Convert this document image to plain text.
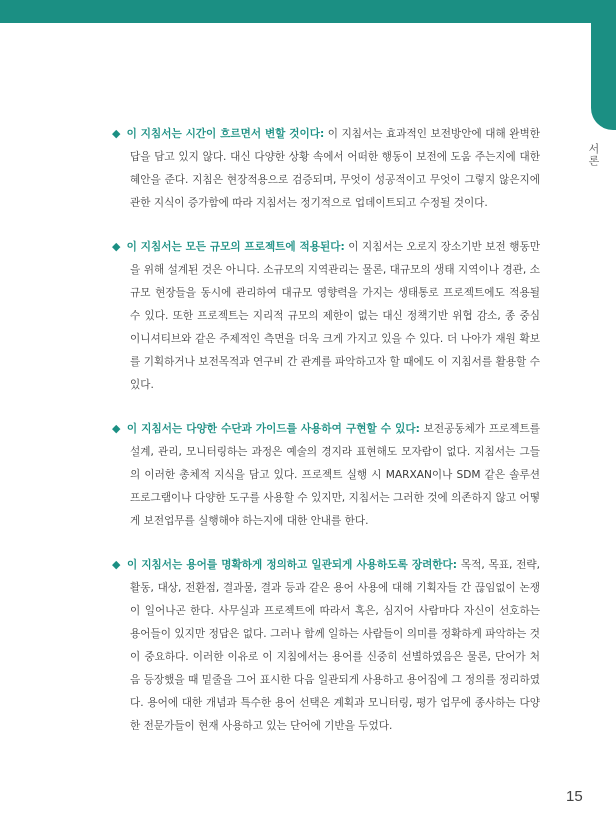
서론

◆ 이 지침서는 시간이 흐르면서 변할 것이다: 이 지침서는 효과적인 보전방안에 대해 완벽한 답을 담고 있지 않다. 대신 다양한 상황 속에서 어떠한 행동이 보전에 도움 주는지에 대한 혜안을 준다. 지침은 현장적용으로 검증되며, 무엇이 성공적이고 무엇이 그렇지 않은지에 관한 지식이 증가함에 따라 지침서는 정기적으로 업데이트되고 수정될 것이다.

◆ 이 지침서는 모든 규모의 프로젝트에 적용된다: 이 지침서는 오로지 장소기반 보전 행동만을 위해 설계된 것은 아니다. 소규모의 지역관리는 물론, 대규모의 생태 지역이나 경관, 소규모 현장들을 동시에 관리하여 대규모 영향력을 가지는 생태통로 프로젝트에도 적용될 수 있다. 또한 프로젝트는 지리적 규모의 제한이 없는 대신 정책기반 위협 감소, 종 중심 이니셔티브와 같은 주제적인 측면을 더욱 크게 가지고 있을 수 있다. 더 나아가 재원 확보를 기획하거나 보전목적과 연구비 간 관계를 파악하고자 할 때에도 이 지침서를 활용할 수 있다.

◆ 이 지침서는 다양한 수단과 가이드를 사용하여 구현할 수 있다: 보전공동체가 프로젝트를 설계, 관리, 모니터링하는 과정은 예술의 경지라 표현해도 모자람이 없다. 지침서는 그들의 이러한 총체적 지식을 담고 있다. 프로젝트 실행 시 MARXAN이나 SDM 같은 솔루션 프로그램이나 다양한 도구를 사용할 수 있지만, 지침서는 그러한 것에 의존하지 않고 어떻게 보전업무를 실행해야 하는지에 대한 안내를 한다.

◆ 이 지침서는 용어를 명확하게 정의하고 일관되게 사용하도록 장려한다: 목적, 목표, 전략, 활동, 대상, 전환점, 결과물, 결과 등과 같은 용어 사용에 대해 기획자들 간 끊임없이 논쟁이 일어나곤 한다. 사무실과 프로젝트에 따라서 혹은, 심지어 사람마다 자신이 선호하는 용어들이 있지만 정답은 없다. 그러나 함께 일하는 사람들이 의미를 정확하게 파악하는 것이 중요하다. 이러한 이유로 이 지침에서는 용어를 신중히 선별하였음은 물론, 단어가 처음 등장했을 때 밑줄을 그어 표시한 다음 일관되게 사용하고 용어집에 그 정의를 정리하였다. 용어에 대한 개념과 특수한 용어 선택은 계획과 모니터링, 평가 업무에 종사하는 다양한 전문가들이 현재 사용하고 있는 단어에 기반을 두었다.

15
